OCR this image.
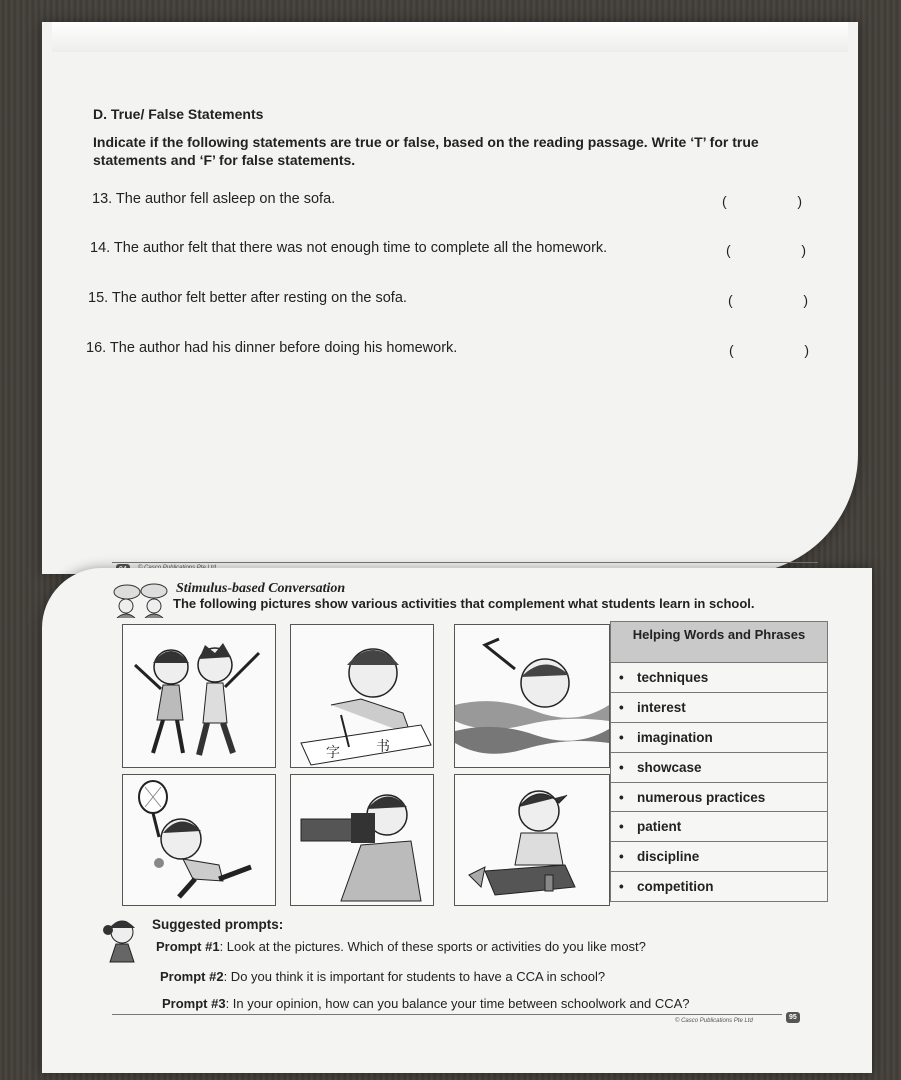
D. True/ False Statements
Indicate if the following statements are true or false, based on the reading passage. Write ‘T’ for true statements and ‘F’ for false statements.
13. The author fell asleep on the sofa.	(	)
14. The author felt that there was not enough time to complete all the homework.	(	)
15. The author felt better after resting on the sofa.	(	)
16. The author had his dinner before doing his homework.	(	)
Stimulus-based Conversation
The following pictures show various activities that complement what students learn in school.
字	书
Helping Words and Phrases
• techniques
• interest
• imagination
• showcase
• numerous practices
• patient
• discipline
• competition
Suggested prompts:
Prompt #1: Look at the pictures. Which of these sports or activities do you like most?
Prompt #2: Do you think it is important for students to have a CCA in school?
Prompt #3: In your opinion, how can you balance your time between schoolwork and CCA?
© Casco Publications Pte Ltd	95
